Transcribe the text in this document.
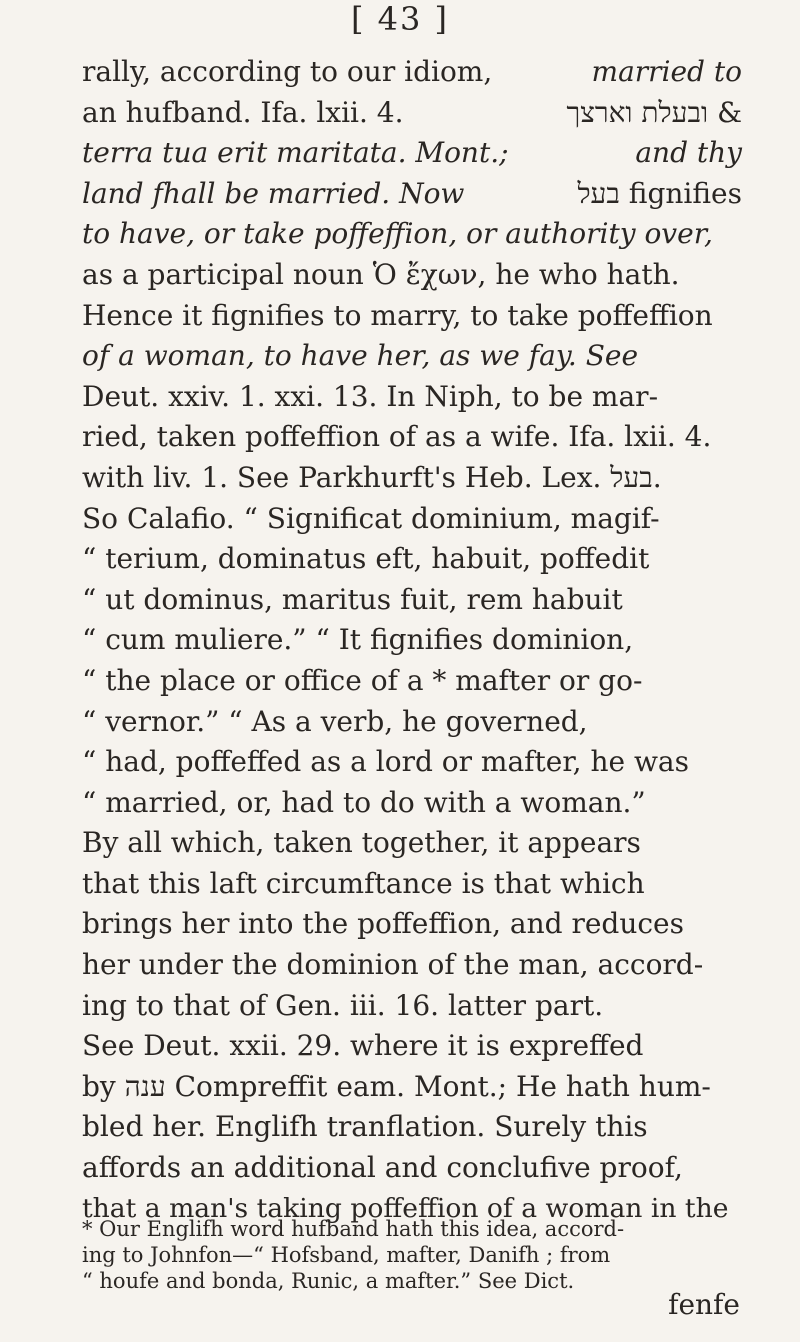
[ 43 ]
rally, according to our idiom,	married to
an hufband. Ifa. lxii. 4.	ובעלת וארצך &
terra tua erit maritata. Mont.;	and thy
land fhall be married. Now	בעל fignifies
to have, or take poffeffion, or authority over,
as a participal noun Ὁ ἔχων, he who hath.
Hence it fignifies to marry, to take poffeffion
of a woman, to have her, as we fay. See
Deut. xxiv. 1. xxi. 13. In Niph, to be mar-
ried, taken poffeffion of as a wife. Ifa. lxii. 4.
with liv. 1. See Parkhurft's Heb. Lex. בעל.
So Calafio. “ Significat dominium, magif-
“ terium, dominatus eft, habuit, poffedit
“ ut dominus, maritus fuit, rem habuit
“ cum muliere.” “ It fignifies dominion,
“ the place or office of a * mafter or go-
“ vernor.” “ As a verb, he governed,
“ had, poffeffed as a lord or mafter, he was
“ married, or, had to do with a woman.”
By all which, taken together, it appears
that this laft circumftance is that which
brings her into the poffeffion, and reduces
her under the dominion of the man, accord-
ing to that of Gen. iii. 16. latter part.
See Deut. xxii. 29. where it is expreffed
by ענה Compreffit eam. Mont.; He hath hum-
bled her. Englifh tranflation. Surely this
affords an additional and conclufive proof,
that a man's taking poffeffion of a woman in the
* Our Englifh word hufband hath this idea, accord-
ing to Johnfon—“ Hofsband, mafter, Danifh ; from
“ houfe and bonda, Runic, a mafter.” See Dict.
fenfe
